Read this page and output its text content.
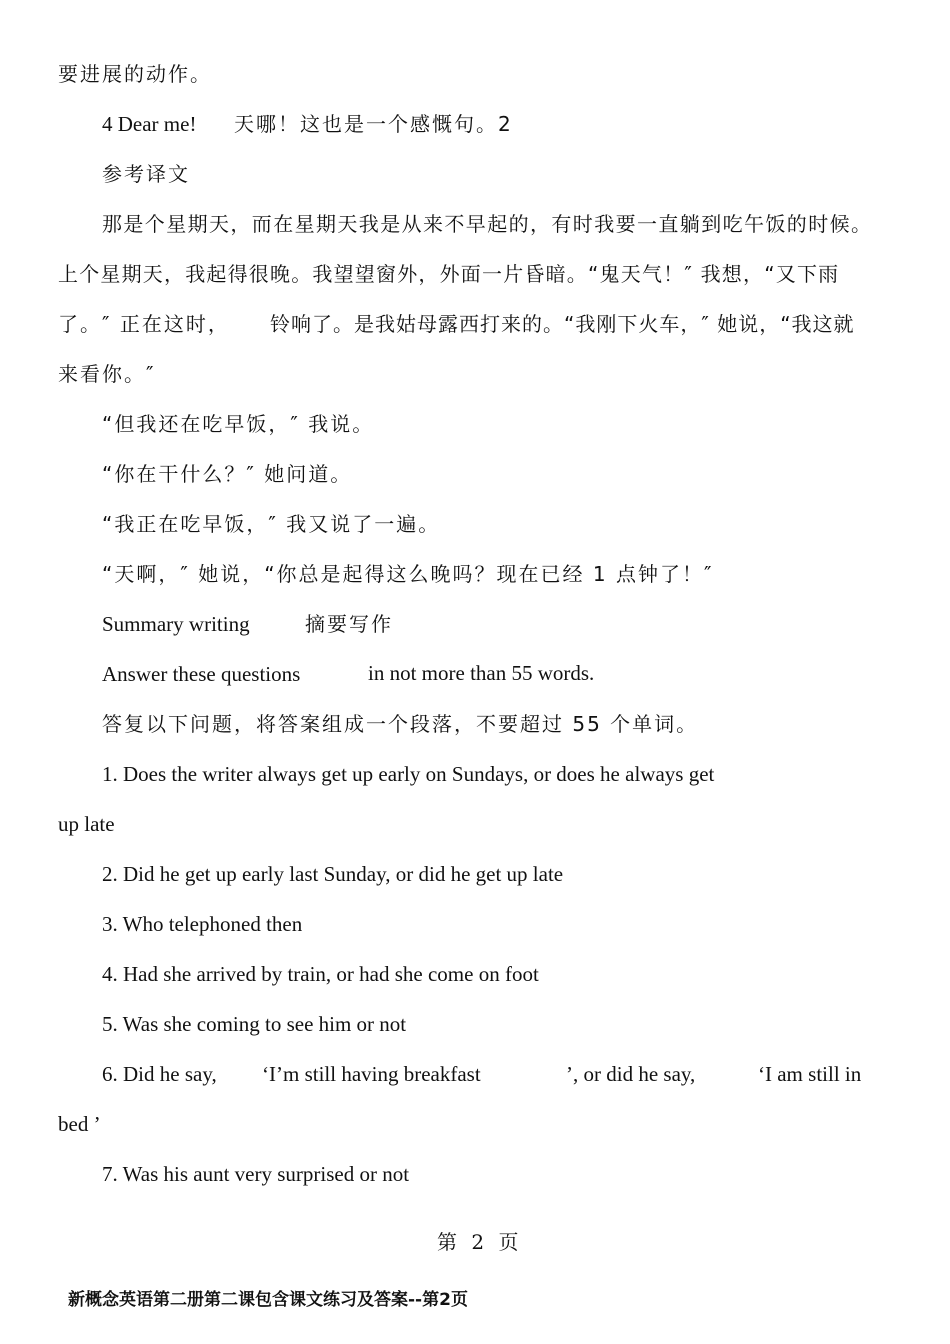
要进展的动作。
4 Dear me! 天哪！这也是一个感慨句。2
参考译文
那是个星期天，而在星期天我是从来不早起的，有时我要一直躺到吃午饭的时候。
上个星期天，我起得很晚。我望望窗外，外面一片昏暗。“鬼天气！″ 我想，“又下雨
了。″ 正在这时， 铃响了。是我姑母露西打来的。“我刚下火车，″ 她说，“我这就
来看你。″
“但我还在吃早饭，″ 我说。
“你在干什么？″ 她问道。
“我正在吃早饭，″ 我又说了一遍。
“天啊，″ 她说，“你总是起得这么晚吗？现在已经 1 点钟了！″
Summary writing	摘要写作
Answer these questions	in not more than 55 words.
答复以下问题，将答案组成一个段落，不要超过 55 个单词。
1. Does the writer always get up early on Sundays, or does he always get
up late
2. Did he get up early last Sunday, or did he get up late
3. Who telephoned then
4. Had she arrived by train, or had she come on foot
5. Was she coming to see him or not
6. Did he say, ‘I’m still having breakfast	’, or did he say,	‘I am still in
bed ’
7. Was his aunt very surprised or not
第 2 页
新概念英语第二册第二课包含课文练习及答案--第2页
